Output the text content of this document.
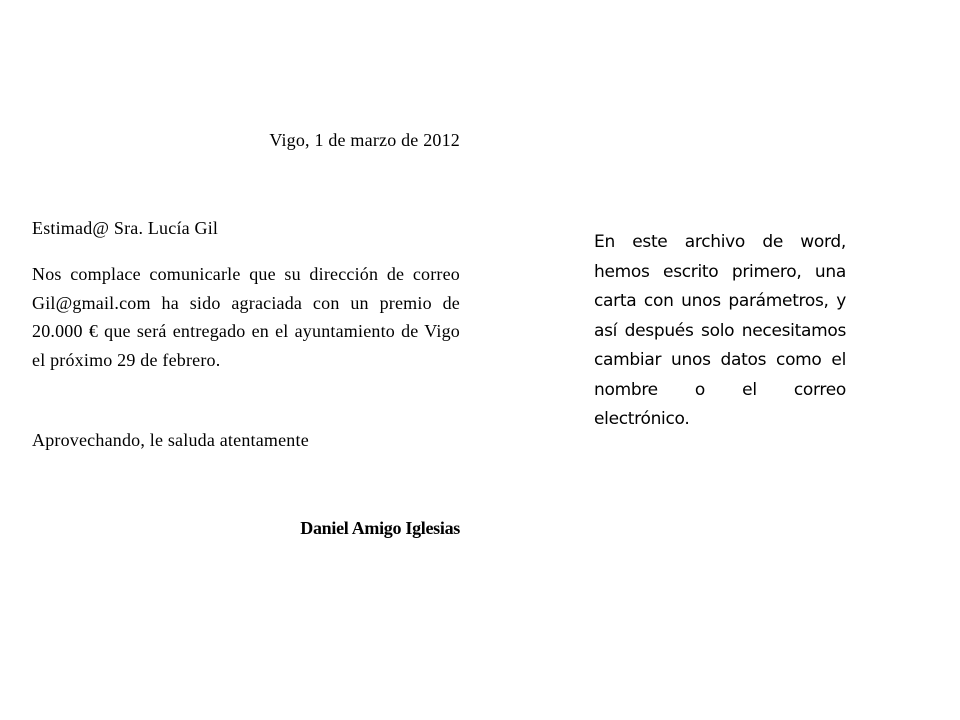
Vigo, 1 de marzo de 2012
Estimad@ Sra. Lucía Gil
Nos complace comunicarle que su dirección de correo Gil@gmail.com ha sido agraciada con un premio de 20.000 € que será entregado en el ayuntamiento de Vigo el próximo 29 de febrero.
Aprovechando, le saluda atentamente
Daniel Amigo Iglesias
En este archivo de word, hemos escrito primero, una carta con unos parámetros, y así después solo necesitamos cambiar unos datos como el nombre o el correo electrónico.
